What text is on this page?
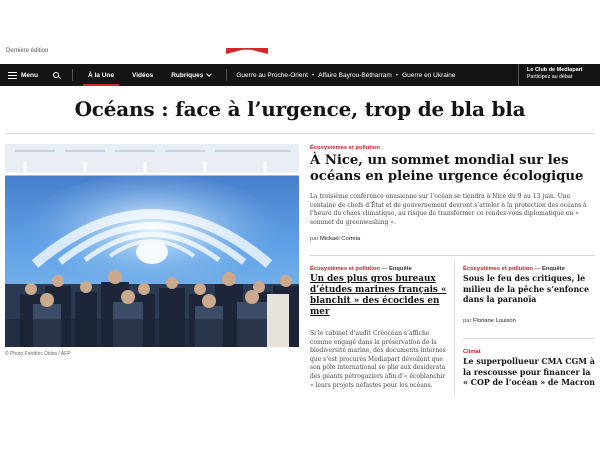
Dernière édition
Menu	À la Une	Vidéos	Rubriques	Guerre au Proche-Orient • Affaire Bayrou-Bétharram • Guerre en Ukraine
Le Club de Mediapart
Participez au débat
Océans : face à l’urgence, trop de bla bla
© Photo Frédéric Dides / AFP
Écosystèmes et pollution
À Nice, un sommet mondial sur les océans en pleine urgence écologique

La troisième conférence onusienne sur l’océan se tiendra à Nice du 9 au 13 juin. Une centaine de chefs d’État et de gouvernement devront s’atteler à la protection des océans à l’heure du chaos climatique, au risque de transformer ce rendez-vous diplomatique en « sommet du greenwashing ».

par Mickaël Correia
Écosystèmes et pollution — Enquête
Un des plus gros bureaux d’études marines français « blanchit » des écocides en mer

Si le cabinet d’audit Créocéan s’affiche comme engagé dans la préservation de la biodiversité marine, des documents internes que s’est procurés Mediapart dévoilent que son pôle international se plie aux desiderata des géants pétrogaziers afin d’« écoblanchir » leurs projets néfastes pour les océans.

Écosystèmes et pollution — Enquête
Sous le feu des critiques, le milieu de la pêche s’enfonce dans la paranoïa
par Floriane Louison
Climat
Le superpollueur CMA CGM à la rescousse pour financer la « COP de l’océan » de Macron
